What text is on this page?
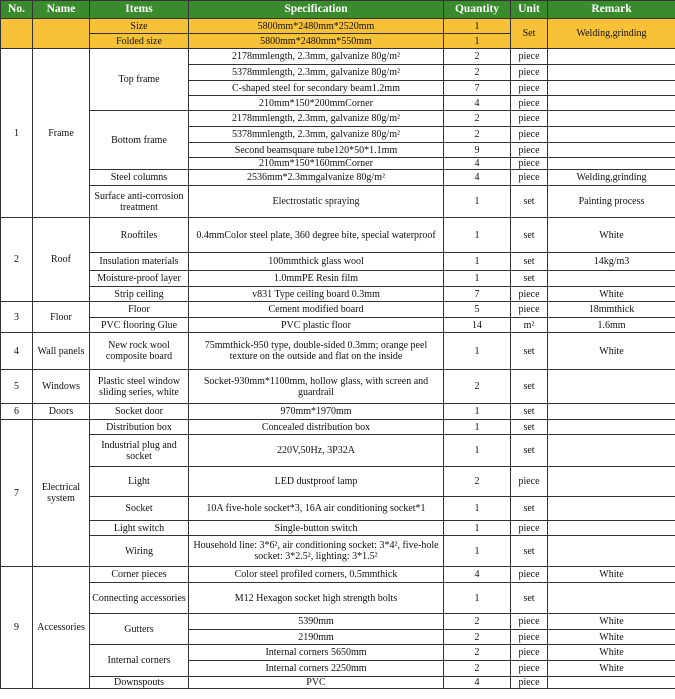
No.	Name	Items	Specification	Quantity	Unit	Remark
		Size	5800mm*2480mm*2520mm	1	Set	Welding,grinding
		Folded size	5800mm*2480mm*550mm	1		
1	Frame	Top frame	2178mmlength, 2.3mm, galvanize 80g/m²	2	piece	
			5378mmlength, 2.3mm, galvanize 80g/m²	2	piece	
			C-shaped steel for secondary beam1.2mm	7	piece	
			210mm*150*200mmCorner	4	piece	
		Bottom frame	2178mmlength, 2.3mm, galvanize 80g/m²	2	piece	
			5378mmlength, 2.3mm, galvanize 80g/m²	2	piece	
			Second beamsquare tube120*50*1.1mm	9	piece	
			210mm*150*160mmCorner	4	piece	
		Steel columns	2536mm*2.3mmgalvanize 80g/m²	4	piece	Welding,grinding
		Surface anti-corrosion treatment	Electrostatic spraying	1	set	Painting process
2	Roof	Rooftiles	0.4mmColor steel plate, 360 degree bite, special waterproof	1	set	White
		Insulation materials	100mmthick glass wool	1	set	14kg/m3
		Moisture-proof layer	1.0mmPE Resin film	1	set	
		Strip ceiling	v831 Type ceiling board 0.3mm	7	piece	White
3	Floor	Floor	Cement modified board	5	piece	18mmthick
		PVC flooring Glue	PVC plastic floor	14	m²	1.6mm
4	Wall panels	New rock wool composite board	75mmthick-950 type, double-sided 0.3mm; orange peel texture on the outside and flat on the inside	1	set	White
5	Windows	Plastic steel window sliding series, white	Socket-930mm*1100mm, hollow glass, with screen and guardrail	2	set	
6	Doors	Socket door	970mm*1970mm	1	set	
7	Electrical system	Distribution box	Concealed distribution box	1	set	
		Industrial plug and socket	220V,50Hz, 3P32A	1	set	
		Light	LED dustproof lamp	2	piece	
		Socket	10A five-hole socket*3, 16A air conditioning socket*1	1	set	
		Light switch	Single-button switch	1	piece	
		Wiring	Household line: 3*6², air conditioning socket: 3*4², five-hole socket: 3*2.5², lighting: 3*1.5²	1	set	
9	Accessories	Corner pieces	Color steel profiled corners, 0.5mmthick	4	piece	White
		Connecting accessories	M12 Hexagon socket high strength bolts	1	set	
		Gutters	5390mm	2	piece	White
			2190mm	2	piece	White
		Internal corners	Internal corners 5650mm	2	piece	White
			Internal corners 2250mm	2	piece	White
		Downspouts	PVC	4	piece	
